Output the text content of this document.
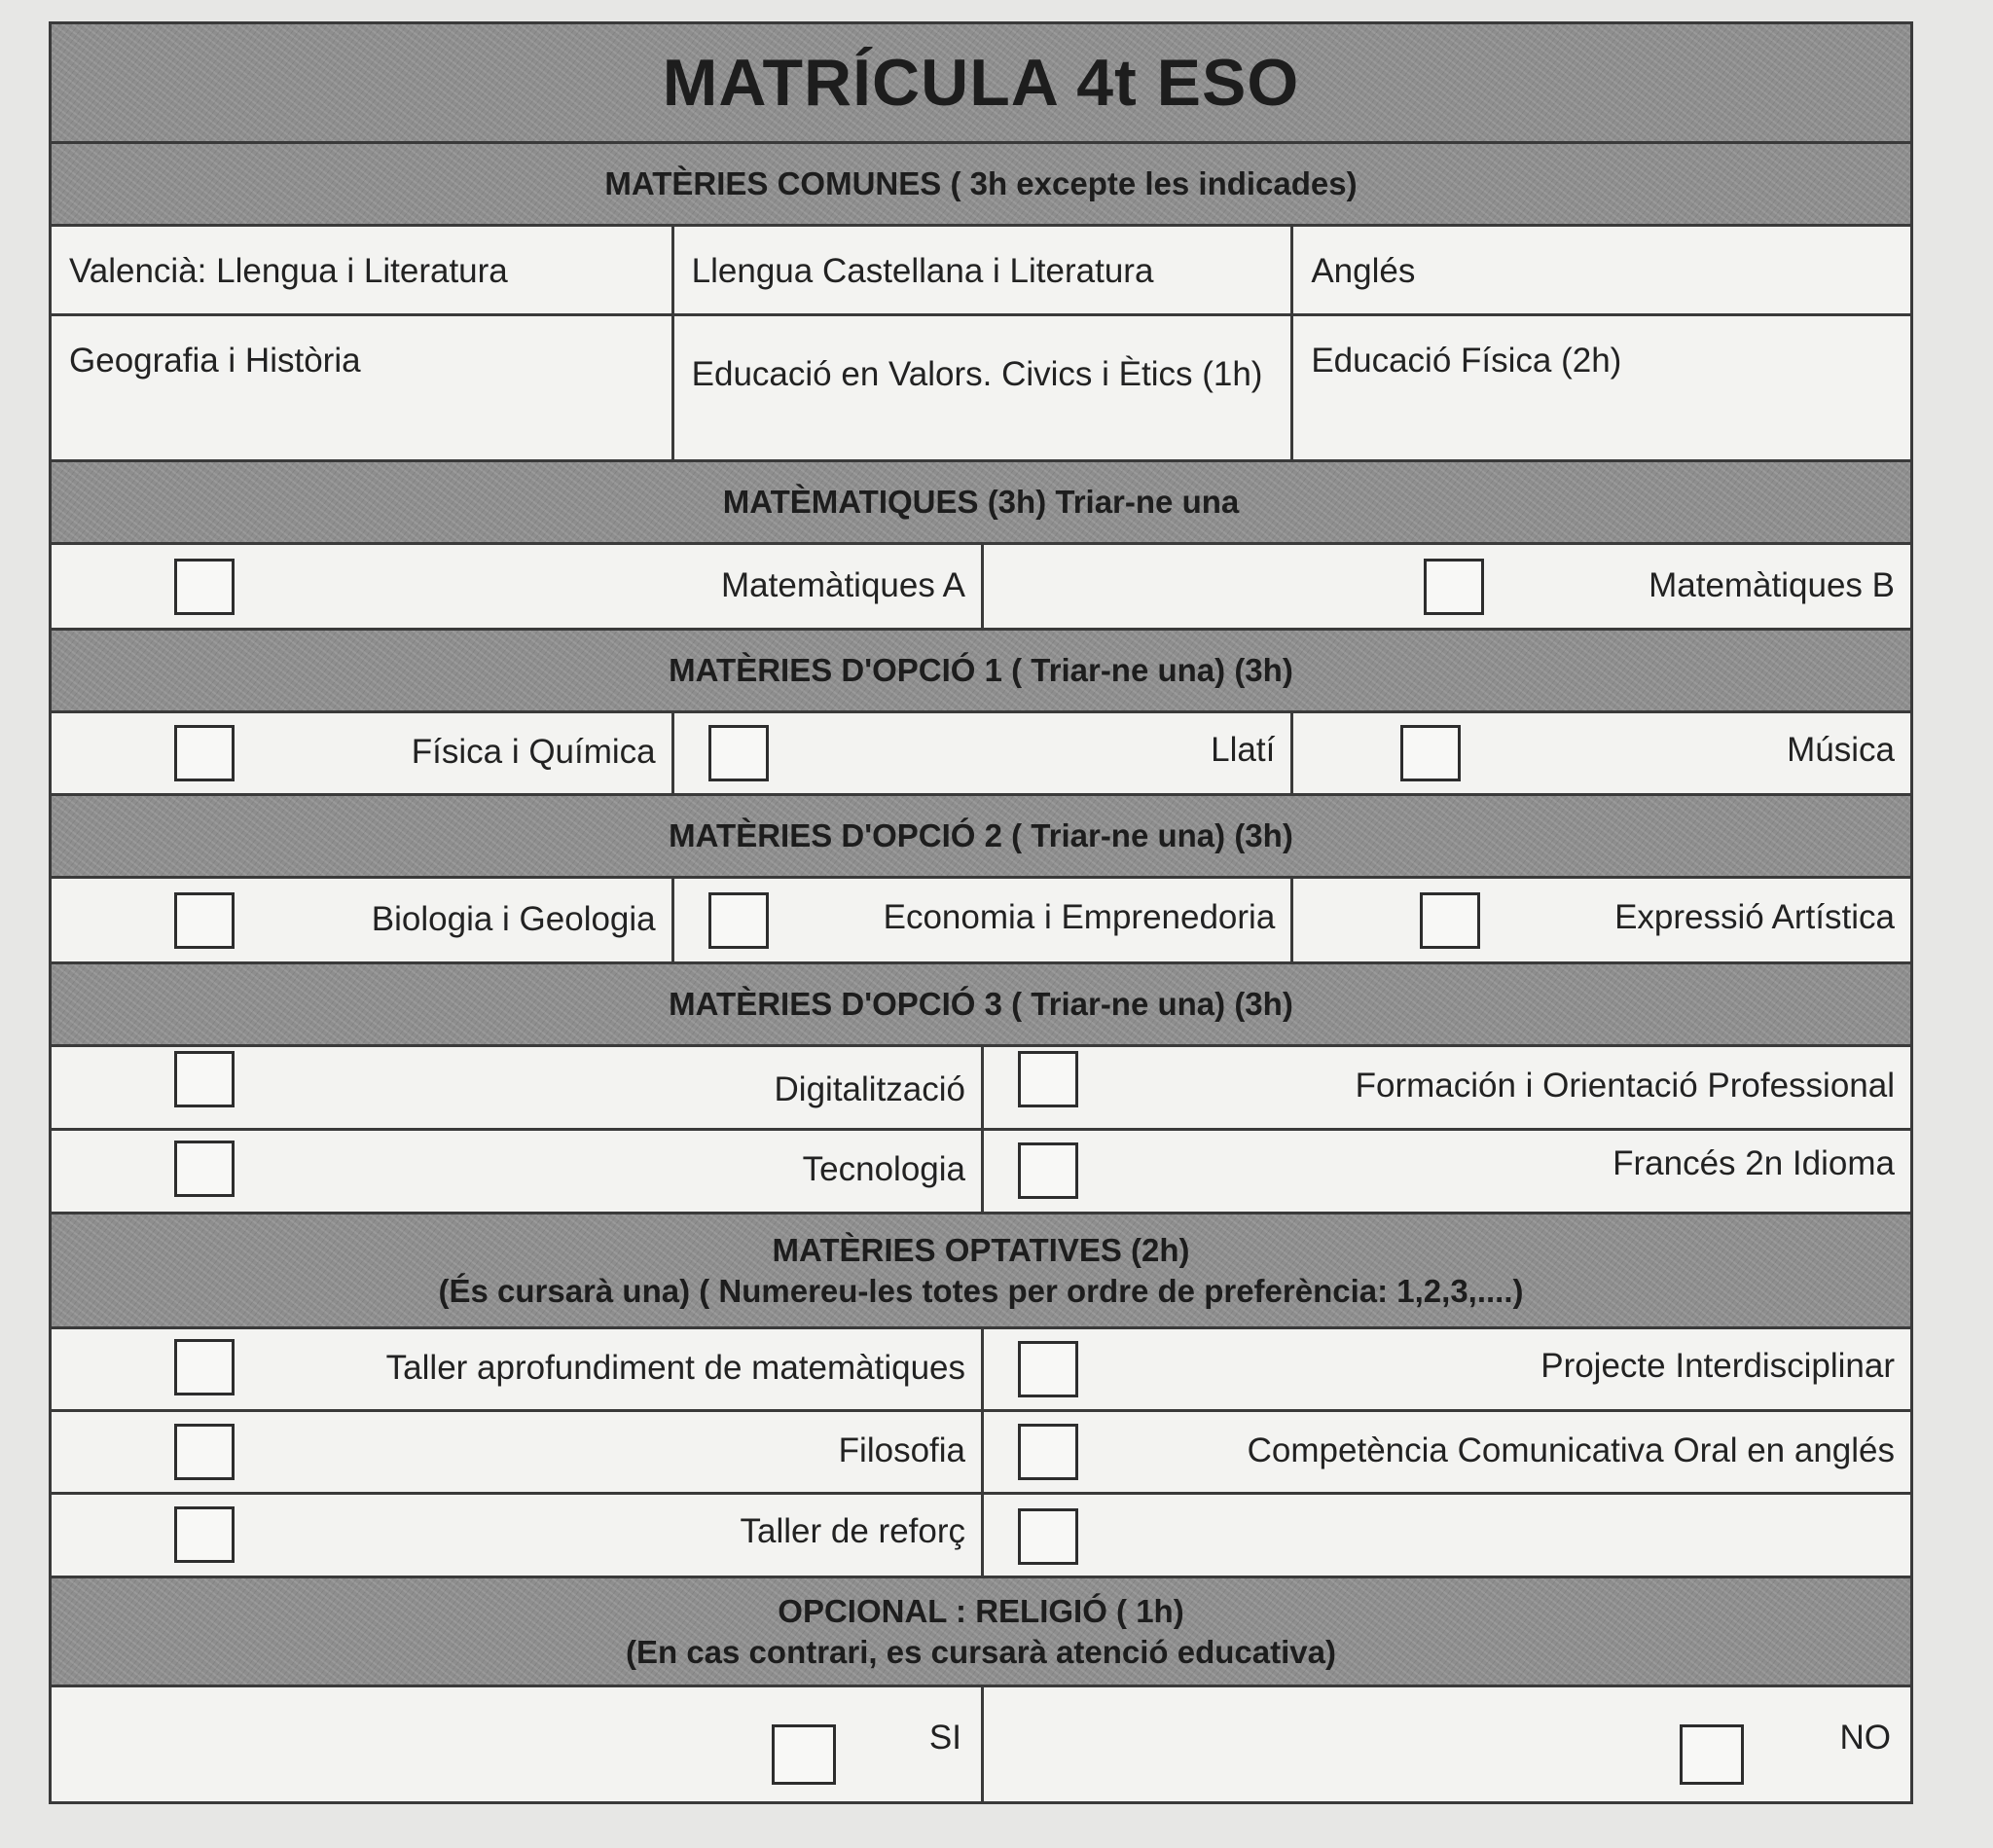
MATRÍCULA 4t ESO
MATÈRIES COMUNES ( 3h excepte les indicades)
Valencià: Llengua i Literatura	Llengua Castellana i Literatura	Anglés
Geografia i Història	Educació en Valors. Civics i Ètics (1h)	Educació Física (2h)
MATÈMATIQUES (3h) Triar-ne una
Matemàtiques A	Matemàtiques B
MATÈRIES D'OPCIÓ 1 ( Triar-ne una) (3h)
Física i Química	Llatí	Música
MATÈRIES D'OPCIÓ 2 ( Triar-ne una) (3h)
Biologia i Geologia	Economia i Emprenedoria	Expressió Artística
MATÈRIES D'OPCIÓ 3 ( Triar-ne una) (3h)
Digitalització	Formación i Orientació Professional
Tecnologia	Francés 2n Idioma
MATÈRIES OPTATIVES (2h)
(És cursarà una) ( Numereu-les totes per ordre de preferència: 1,2,3,....)
Taller aprofundiment de matemàtiques	Projecte Interdisciplinar
Filosofia	Competència Comunicativa Oral en anglés
Taller de reforç
OPCIONAL : RELIGIÓ ( 1h)
(En cas contrari, es cursarà atenció educativa)
SI	NO
